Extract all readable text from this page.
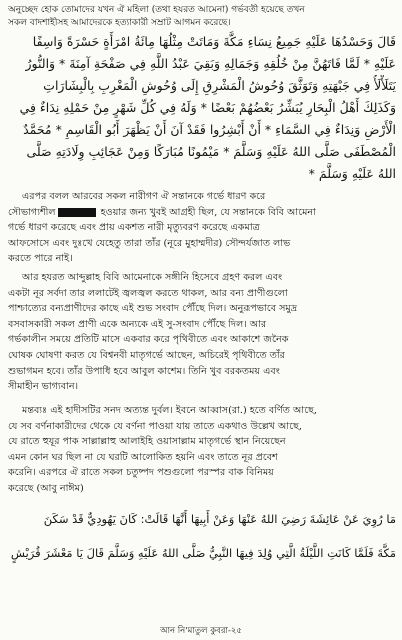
অনুচ্ছেদ হোক তোমাদের যখন ঐ মহিলা (তথা হযরত আমেনা) গর্ভবতী হয়েছে তখন
সকল বাদশাহীসহ আমাদেরকে হত্যাকারী সম্রাট আগমন করেছে।

قَالَ وَحَسْدُهَا عَلَيْهِ جَمِيعُ نِسَاءِ مَكَّةَ وَمَاتَتْ مِثْلُهَا مِائَةُ امْرَأَةٍ حَسْرَةً وَاسِفًا
عَلَيْهِ * لَمَّا فَاتَهُنَّ مِنْ خُلُقِهِ وَجَمَالِهِ وَبَقِيَ عَبْدُ اللَّهِ فِي صَفْحَةِ آمِنَةَ * وَالنُّورُ
يَتَلَأْلَأُ فِي جَبْهَتِهِ وَتَوَثَّقَ وُحُوشُ الْمَشْرِقِ إِلَى وُحُوشِ الْمَغْرِبِ بِالْبِشَارَاتِ
وَكَذَلِكَ أَهْلُ الْبِحَارِ يُبَشِّرُ بَعْضُهُمْ بَعْضًا * وَلَهُ فِي كُلِّ شَهْرٍ مِنْ حَمْلِهِ نِدَاءٌ فِي
الْأَرْضِ وَنِدَاءٌ فِي السَّمَاءِ * أَنْ أَبْشِرُوا فَقَدْ آنَ أَنْ يَظْهَرَ أَبُو الْقَاسِمِ * مُحَمَّدٌ
الْمُصْطَفَى صَلَّى اللهُ عَلَيْهِ وَسَلَّمَ * مَيْمُونًا مُبَارَكًا وَمِنْ عَجَائِبِ وِلَادَتِهِ صَلَّى
اللهُ عَلَيْهِ وَسَلَّمَ *

এরপর বলল আরবের সকল নারীগণ ঐ সন্তানকে গর্ভে ধারণ করে
সৌভাগ্যশীল	হওয়ার জন্য খুবই আগ্রহী ছিল, যে সন্তানকে বিবি আমেনা
গর্ভে ধারণ করেছে এবং প্রায় একশত নারী মৃত্যুবরণ করেছে একমাত্র
আফসোসে এবং দুঃখে যেহেতু তারা তাঁর (নূরে মুহাম্মদীর) সৌন্দর্যজাত লাভ
করতে পারে নাই।

আর হযরত আব্দুল্লাহ বিবি আমেনাকে সঙ্গীনি হিসেবে গ্রহণ করল এবং
একটা নূর সর্বদা তার ললাটেই জ্বলজ্বল করতে থাকল, আর বন্য প্রাণীগুলো
পাশ্চাত্যের বন্যপ্রাণীদের কাছে এই শুভ সংবাদ পৌঁছে দিল। অনুরূপভাবে সমুদ্র
বসবাসকারী সকল প্রাণী একে অন্যকে এই সু-সংবাদ পৌঁছে দিল। আর
গর্ভকালীন সময়ে প্রতিটি মাসে একবার করে পৃথিবীতে এবং আকাশে জনৈক
ঘোষক ঘোষণা করত যে বিশ্বনবী মাতৃগর্ভে আছেন, অচিরেই পৃথিবীতে তাঁর
শুভাগমন হবে। তাঁর উপাধি হবে আবুল কাশেম। তিনি খুব বরকতময় এবং
সীমাহীন ভাগ্যবান।

মন্তব্যঃ এই হাদীসটির সনদ অত্যন্ত দুর্বল। ইবনে আব্বাস(রা.) হতে বর্ণিত আছে,
যে সব বর্ণনাকারীদের থেকে যে বর্ণনা পাওয়া যায় তাতে একথাও উল্লেখ আছে,
যে রাতে হুযূর পাক সাল্লাল্লাহু আলাইহি ওয়াসাল্লাম মাতৃগর্ভে স্থান নিয়েছেন
এমন কোন ঘর ছিল না যে ঘরটি আলোকিত হয়নি এবং তাতে নূর প্রবেশ
করেনি। এরপরে ঐ রাতে সকল চতুষ্পদ পশুগুলো পরস্পর বাক বিনিময়
করেছে (আবু নাঈম)

مَا رُوِيَ عَنْ عَائِشَةَ رَضِيَ اللهُ عَنْهَا وَعَنْ أَبِيهَا أَنَّهَا قَالَتْ: كَانَ يَهُودِيٌّ قَدْ سَكَنَ
مَكَّةَ فَلَمَّا كَانَتِ اللَّيْلَةُ الَّتِي وُلِدَ فِيهَا النَّبِيُّ صَلَّى اللهُ عَلَيْهِ وَسَلَّمَ قَالَ يَا مَعْشَرَ قُرَيْشٍ

আন নি'মাতুল কুবরা-২৫
